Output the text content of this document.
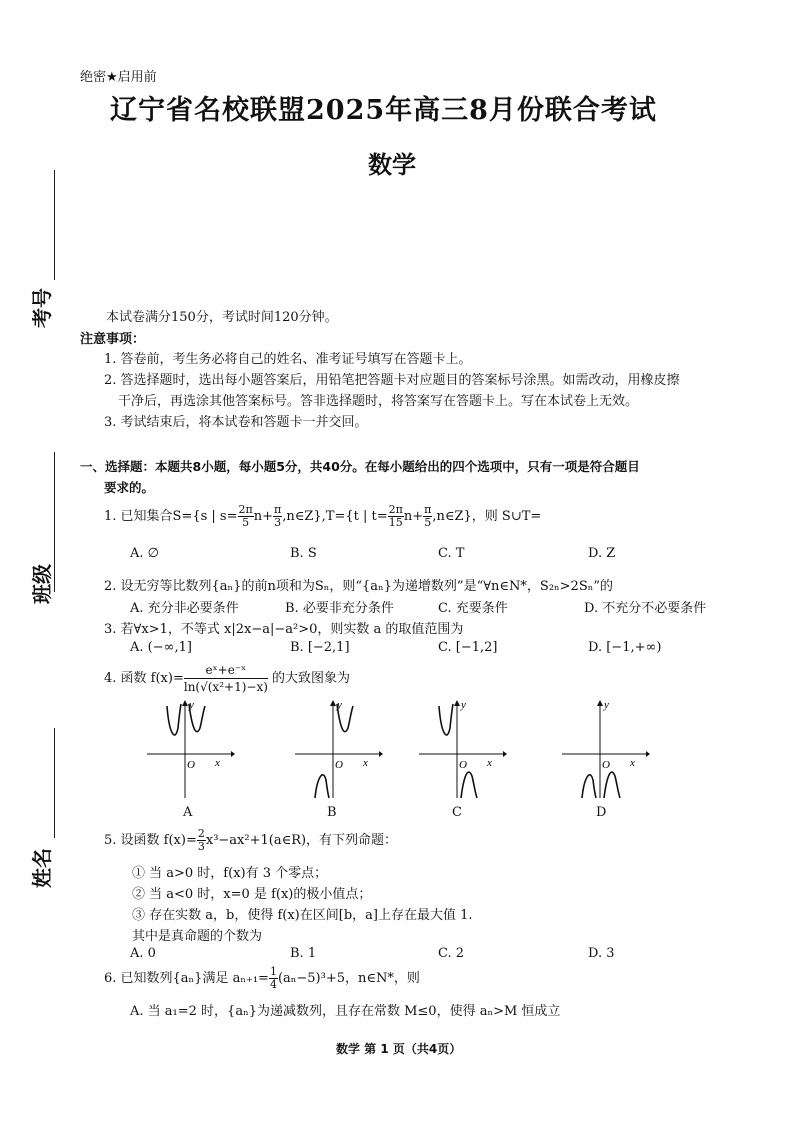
绝密★启用前
辽宁省名校联盟2025年高三8月份联合考试
数学
考号
班级
姓名
本试卷满分150分，考试时间120分钟。
注意事项：
1. 答卷前，考生务必将自己的姓名、准考证号填写在答题卡上。
2. 答选择题时，选出每小题答案后，用铅笔把答题卡对应题目的答案标号涂黑。如需改动，用橡皮擦
干净后，再选涂其他答案标号。答非选择题时，将答案写在答题卡上。写在本试卷上无效。
3. 考试结束后，将本试卷和答题卡一并交回。
一、选择题：本题共8小题，每小题5分，共40分。在每小题给出的四个选项中，只有一项是符合题目
要求的。
1. 已知集合S={s | $s= \frac{2\pi}{5} n+ \frac{\pi}{3}$ ,n∈Z},T={t | $t= \frac{2\pi}{15} n+ \frac{\pi}{5}$ ,n∈Z}，则 S∪T=
A. ∅	B. S	C. T	D. Z
2. 设无穷等比数列{aₙ}的前n项和为Sₙ，则“{aₙ}为递增数列”是“∀n∈N*，S₂ₙ>2Sₙ”的
A. 充分非必要条件	B. 必要非充分条件	C. 充要条件	D. 不充分不必要条件
3. 若∀x>1，不等式 x|2x−a|−a²>0，则实数 a 的取值范围为
A. (−∞,1]	B. [−2,1]	C. [−1,2]	D. [−1,+∞)
4. 函数 $f(x)= \frac{\text{eˣ+e⁻ˣ}}{\text{ln(√(x²+1)−x)}}$ 的大致图象为
y
x
O
A
y
x
O
B
y
x
O
C
y
x
O
D
5. 设函数 $f(x)= \frac{2}{3}$ x³−ax²+1(a∈R)，有下列命题：
① 当 a>0 时，f(x)有 3 个零点；
② 当 a<0 时，x=0 是 f(x)的极小值点；
③ 存在实数 a，b，使得 f(x)在区间[b，a]上存在最大值 1.
其中是真命题的个数为
A. 0	B. 1	C. 2	D. 3
6. 已知数列{aₙ}满足 $a_{n+1}= \frac{1}{4} (a_n-5)^3+5$，n∈N*，则
A. 当 a₁=2 时，{aₙ}为递减数列，且存在常数 M≤0，使得 aₙ>M 恒成立
数学 第 1 页（共4页）
